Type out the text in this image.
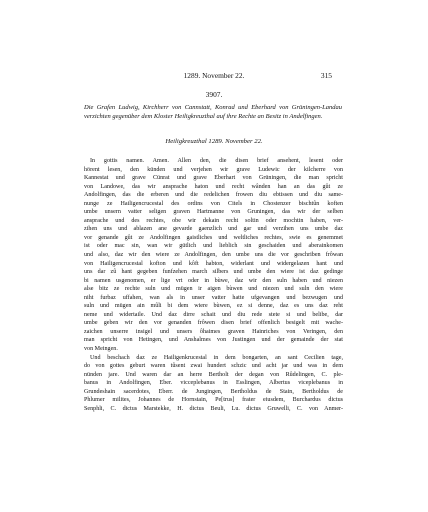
1289. November 22.	315
3907.
Die Grafen Ludwig, Kirchherr von Cannstatt, Konrad und Eberhard von Grüningen-Landau verzichten gegenüber dem Kloster Heiligkreuzthal auf ihre Rechte an Besitz in Andelfingen.
Heiligkreuzthal 1289. November 22.
In gottis namen. Amen. Allen den, die disen brief ansehent, lesent oder
hörent lesen, den künden und verjehen wir grave Ludewic der kilcherre von
Kannestat und grave Cünrat und grave Eberhart von Grüningen, die man spricht
von Landowe, das wir ansprache haton und recht wânden han an das gût ze
Andolfingen, das die erberen und die redelichen frowen diu ebtissen und diu same-
nunge ze Hailigencrucestal des ordins von Citels in Chostenzer bischtûn koften
umbe unsern vatter seligen graven Hartmanne von Gruningen, das wir der selben
ansprache und des rechtes, obe wir dekain recht soltin oder mochtin haben, ver-
zihen uns und ablazen ane gevarde gaenzlich und gar und verzihen uns umbe daz
vor genande gût ze Andolfingen gaistliches und weltliches rechtes, swie es genemmet
ist oder mac sin, wan wir gütlich und lieblich sin geschaiden und aberainkomen
und also, daz wir den wiere ze Andolfingen, den umbe uns die vor geschriben frôwan
von Hailigencrucestal kofton und kôft habton, widerlant und widergelazen hant und
uns dar zû hant gegeben funfzehen march silbers und umbe den wiere ist daz gedinge
bi namen usgenomen, er lige vrt oder in bùwe, daz wir den suln haben und niezen
alse bitz ze rechte suln und mügen ir aigen bùwen und niezen und suln den wiere
niht furbaz uffahen, wan als in unser vatter hatte ufgevangen und bezwugen und
suln und mügen ain mûli bi dem wiere bùwen, ez si denne, daz es uns daz reht
neme und widertaile. Und daz dirre schait und diu rede stete si und belibe, dar
umbe geben wir den vor genanden frôwen disen brief offenlich besigelt mit wache-
zaichen unserre insigel und unsers ôhaimes graven Hainriches von Veringen, den
man spricht von Hetingen, und Anshalmes von Justingen und der gemainde der stat
von Meingen.
Und beschach daz ze Hailigenkrucestal in dem bongarten, an sant Cecilien tage,
do von gottes geburt waren tûsent zwai hundert schzic und acht jar und was in dem
nünden jare. Und waren dar an herre Bertholt der degan von Rûdelingen, C. ple-
banus in Andolfingen, Eber. vicceplebanus in Esslingen, Albertus viceplebanus in
Grundeshain sacerdotes, Eberr. de Jungingen, Bertholdus de Stain, Bertholdus de
Phlumer milites, Johannes de Hornstain, Pe[trus] frater eiusdem, Burchardus dictus
Senphli, C. dictus Marstekke, H. dictus Beuli, Lu. dictus Gruwelli, C. von Anmer-
